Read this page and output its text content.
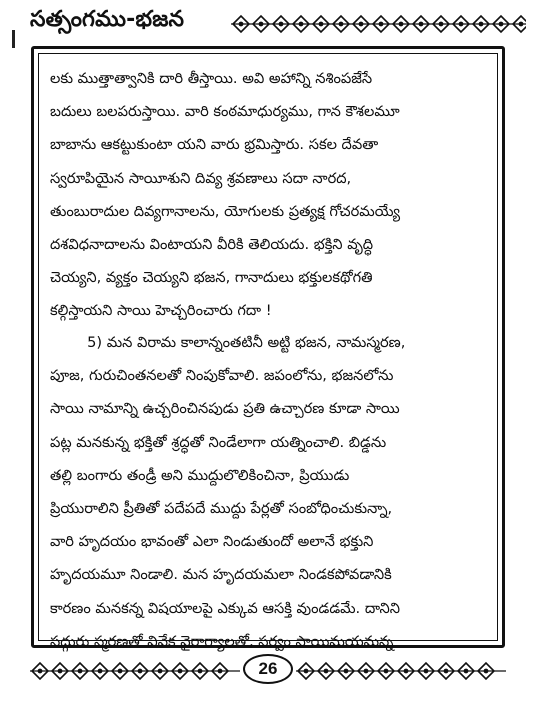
సత్సంగము-భజన
లకు ముత్తాత్వానికి దారి తీస్తాయి. అవి అహాన్ని నశింపజేసే
బదులు బలపరుస్తాయి. వారి కంఠమాధుర్యము, గాన కౌశలమూ
బాబాను ఆకట్టుకుంటా యని వారు భ్రమిస్తారు. సకల దేవతా
స్వరూపియైన సాయీశుని దివ్య శ్రవణాలు సదా నారద,
తుంబురాదుల దివ్యగానాలను, యోగులకు ప్రత్యక్ష గోచరమయ్యే
దశవిధనాదాలను వింటాయని వీరికి తెలియదు. భక్తిని వృద్ధి
చెయ్యని, వ్యక్తం చెయ్యని భజన, గానాదులు భక్తులకథోగతి
కల్గిస్తాయని సాయి హెచ్చరించారు గదా !
5) మన విరామ కాలాన్నంతటినీ అట్టి భజన, నామస్మరణ,
పూజ, గురుచింతనలతో నింపుకోవాలి. జపంలోను, భజనలోను
సాయి నామాన్ని ఉచ్చరించినపుడు ప్రతి ఉచ్చారణ కూడా సాయి
పట్ల మనకున్న భక్తితో శ్రద్ధతో నిండేలాగా యత్నించాలి. బిడ్డను
తల్లి బంగారు తండ్రీ అని ముద్దులొలికించినా, ప్రియుడు
ప్రియురాలిని ప్రీతితో పదేపదే ముద్దు పేర్లతో సంబోధించుకున్నా,
వారి హృదయం భావంతో ఎలా నిండుతుందో అలానే భక్తుని
హృదయమూ నిండాలి. మన హృదయమలా నిండకపోవడానికి
కారణం మనకన్న విషయాలపై ఎక్కువ ఆసక్తి వుండడమే. దానిని
సద్గురు స్మరణతో వివేక వైరాగ్యాలతో, సర్వం సాయిమయమన్న
26
